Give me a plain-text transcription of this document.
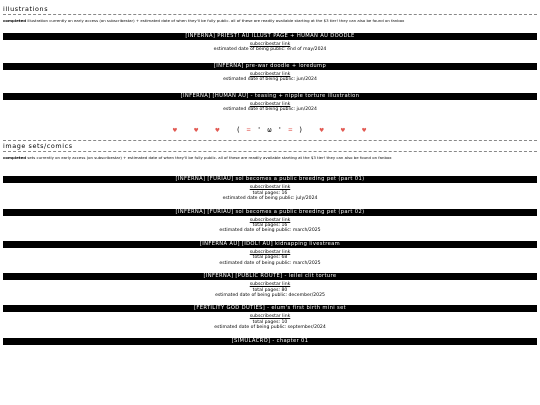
illustrations
completed illustration currently on early access (on subscribestar) + estimated date of when they'll be fully public. all of these are readily available starting at the $3 tier! they can also be found on fanbox
[INFERNA] PRIEST! AU ILLUST PAGE + HUMAN AU DOODLE
subscribestar link
estimated date of being public: end of may/2024
[INFERNA] pre-war doodle + loredump
subscribestar link
estimated date of being public: jun/2024
[INFERNA] [HUMAN AU] - teasing + nipple torture illustration
subscribestar link
estimated date of being public: jun/2024
♥	♥	♥ ( = ' ω ' = )	♥	♥	♥
image sets/comics
completed sets currently on early access (on subscribestar) + estimated date of when they'll be fully public. all of these are readily available starting at the $3 tier! they can also be found on fanbox
[INFERNA] [FURIAU] sol becomes a public breeding pet (part 01)
subscribestar link
total pages: 16
estimated date of being public: july/2024
[INFERNA] [FURIAU] sol becomes a public breeding pet (part 02)
subscribestar link
total pages: 16
estimated date of being public: march/2025
[INFERNA AU] [IDOL! AU] kidnapping livestream
subscribestar link
total pages: 68
estimated date of being public: march/2025
[INFERNA] [PUBLIC ROUTE] - leilei clit torture
subscribestar link
total pages: 80
estimated date of being public: december/2025
[FERTILITY GOD DUTIES] - elum's first birth mini set
subscribestar link
total pages: 10
estimated date of being public: september/2024
[SIMULACRO] - chapter 01
